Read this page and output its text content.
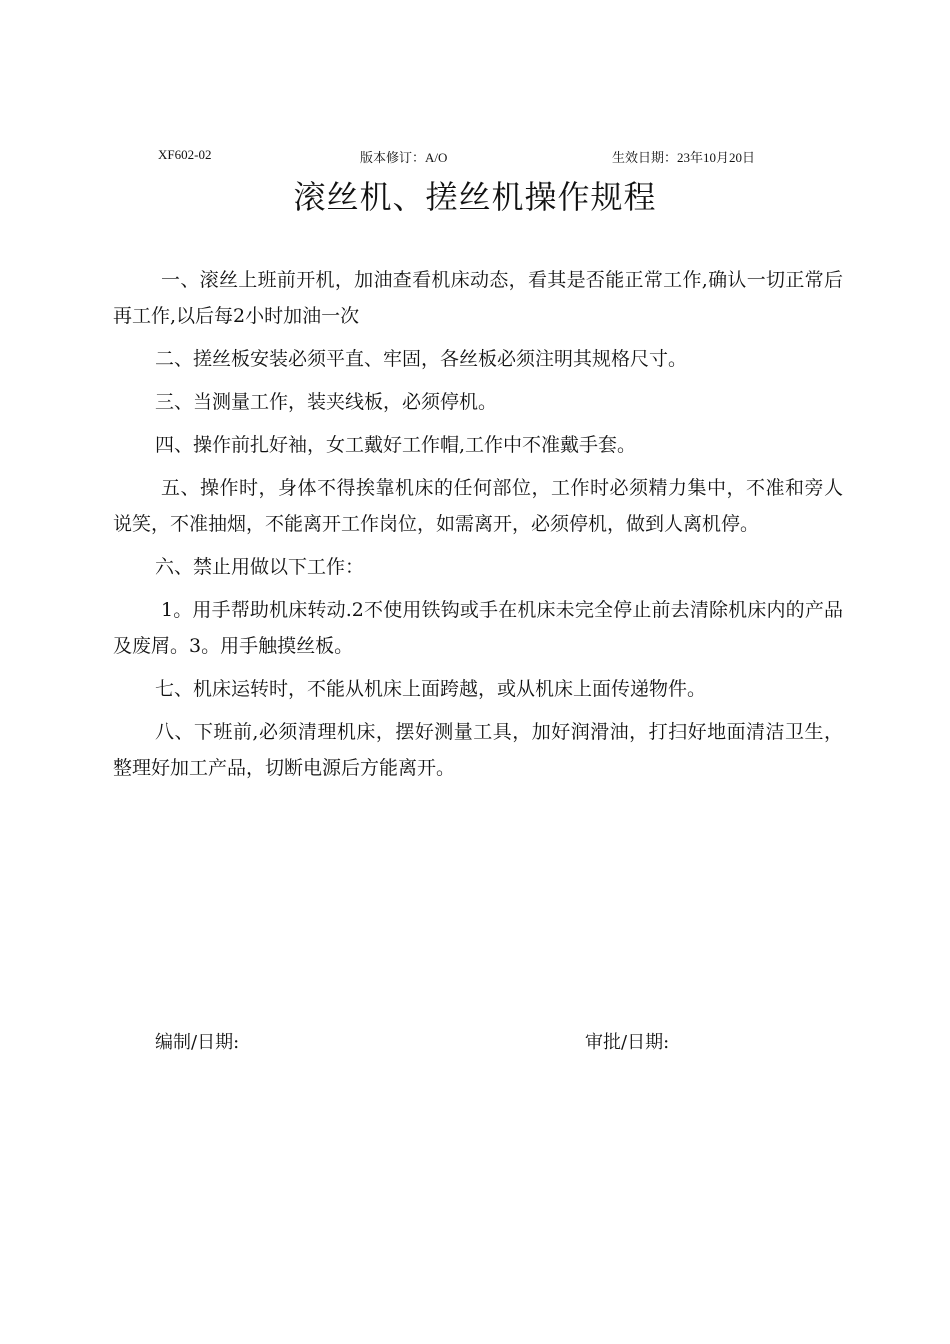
XF602-02	版本修订：A/O	生效日期：23年10月20日
滚丝机、搓丝机操作规程

一、滚丝上班前开机，加油查看机床动态，看其是否能正常工作,确认一切正常后再工作,以后每2小时加油一次

二、搓丝板安装必须平直、牢固，各丝板必须注明其规格尺寸。

三、当测量工作，装夹线板，必须停机。

四、操作前扎好袖，女工戴好工作帽,工作中不准戴手套。

五、操作时，身体不得挨靠机床的任何部位，工作时必须精力集中，不准和旁人说笑，不准抽烟，不能离开工作岗位，如需离开，必须停机，做到人离机停。

六、禁止用做以下工作：

1。用手帮助机床转动.2不使用铁钩或手在机床未完全停止前去清除机床内的产品及废屑。3。用手触摸丝板。

七、机床运转时，不能从机床上面跨越，或从机床上面传递物件。

八、下班前,必须清理机床，摆好测量工具，加好润滑油，打扫好地面清洁卫生，整理好加工产品，切断电源后方能离开。

编制/日期:	审批/日期:
